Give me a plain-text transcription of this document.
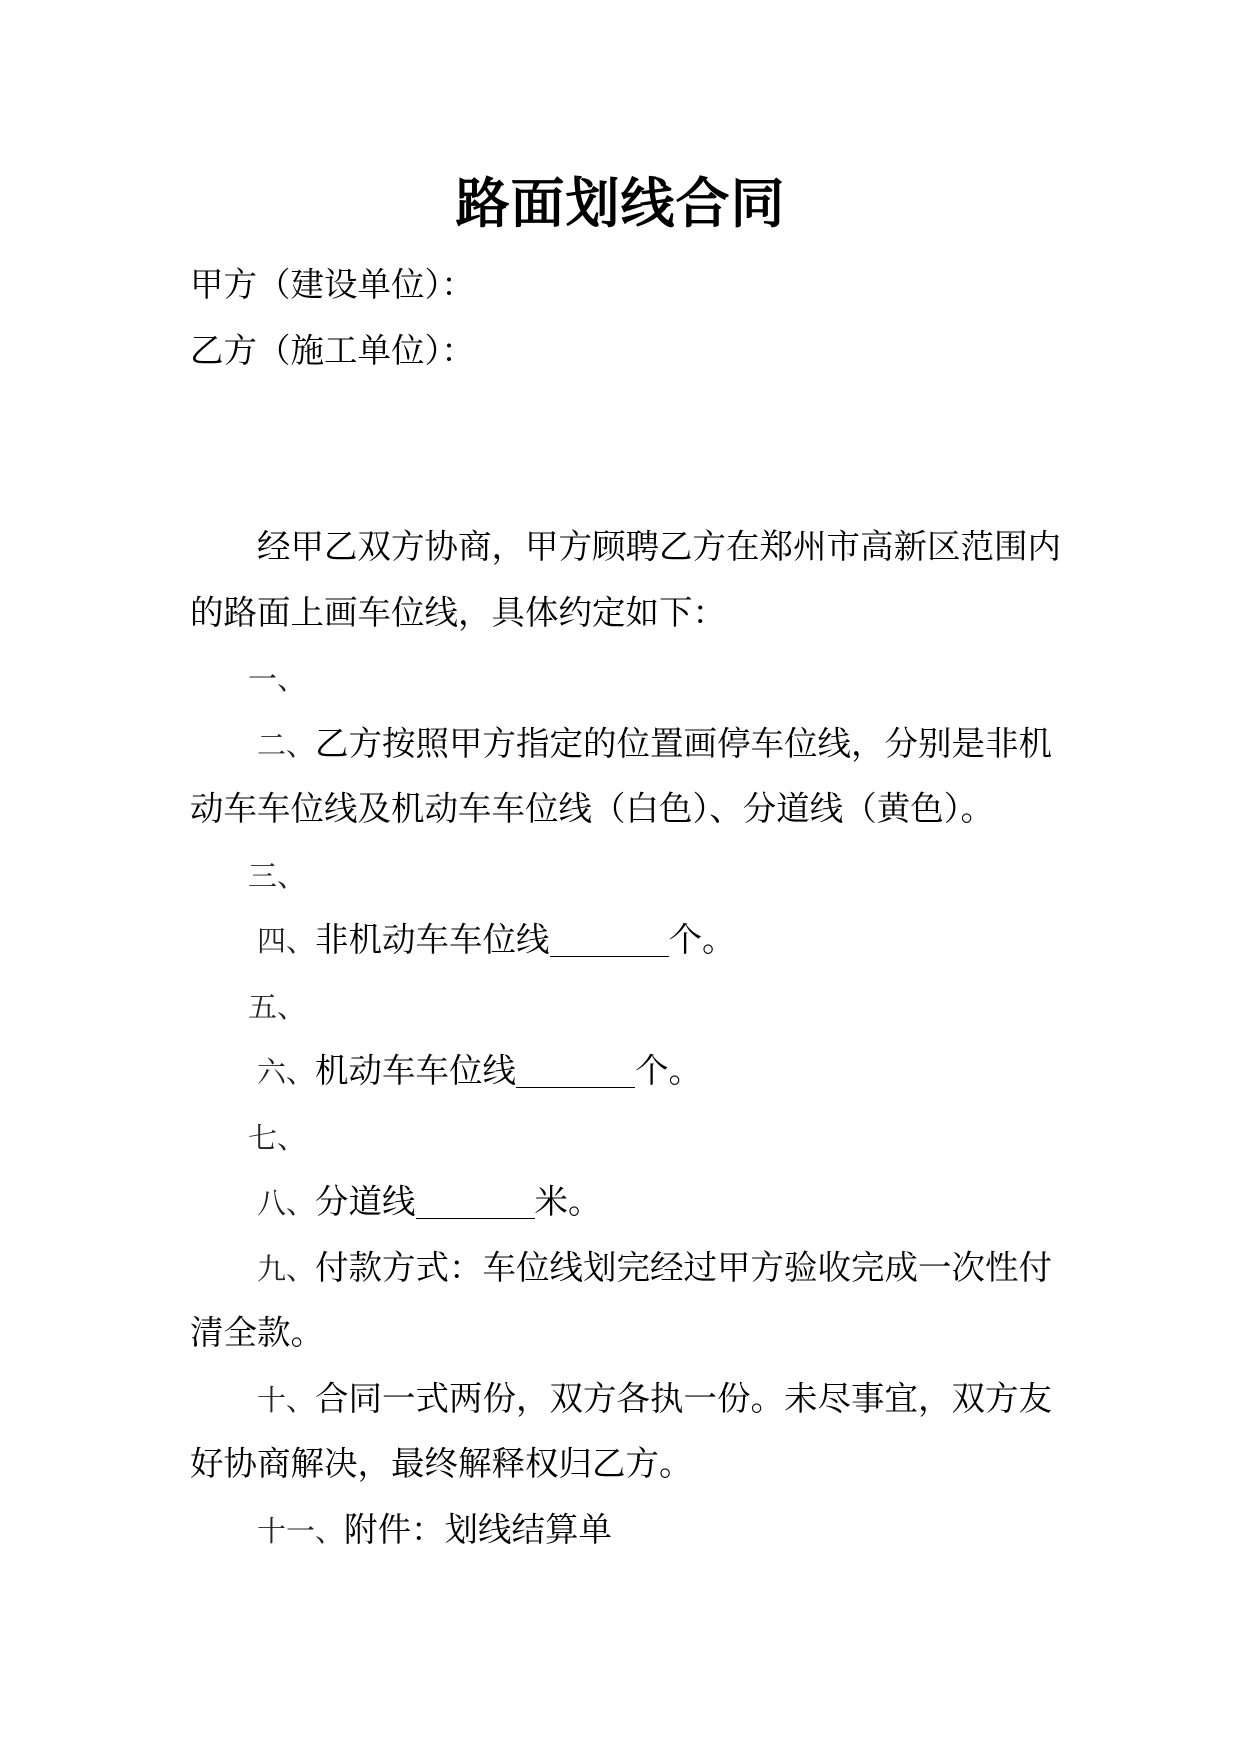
路面划线合同
甲方（建设单位）：
乙方（施工单位）：
经甲乙双方协商，甲方顾聘乙方在郑州市高新区范围内
的路面上画车位线，具体约定如下：
一、
二、乙方按照甲方指定的位置画停车位线，分别是非机
动车车位线及机动车车位线（白色）、分道线（黄色）。
三、
四、非机动车车位线	个。
五、
六、机动车车位线	个。
七、
八、分道线	米。
九、付款方式：车位线划完经过甲方验收完成一次性付
清全款。
十、合同一式两份，双方各执一份。未尽事宜，双方友
好协商解决，最终解释权归乙方。
十一、附件：划线结算单
